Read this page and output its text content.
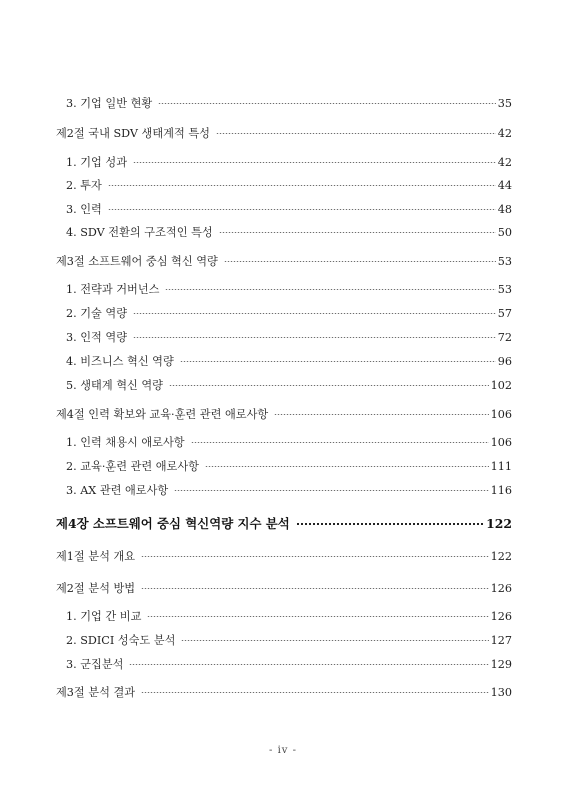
3. 기업 일반 현황	35
제2절 국내 SDV 생태계적 특성	42
1. 기업 성과	42
2. 투자	44
3. 인력	48
4. SDV 전환의 구조적인 특성	50
제3절 소프트웨어 중심 혁신 역량	53
1. 전략과 거버넌스	53
2. 기술 역량	57
3. 인적 역량	72
4. 비즈니스 혁신 역량	96
5. 생태계 혁신 역량	102
제4절 인력 확보와 교육·훈련 관련 애로사항	106
1. 인력 채용시 애로사항	106
2. 교육·훈련 관련 애로사항	111
3. AX 관련 애로사항	116
제4장 소프트웨어 중심 혁신역량 지수 분석	122
제1절 분석 개요	122
제2절 분석 방법	126
1. 기업 간 비교	126
2. SDICI 성숙도 분석	127
3. 군집분석	129
제3절 분석 결과	130
- iv -
